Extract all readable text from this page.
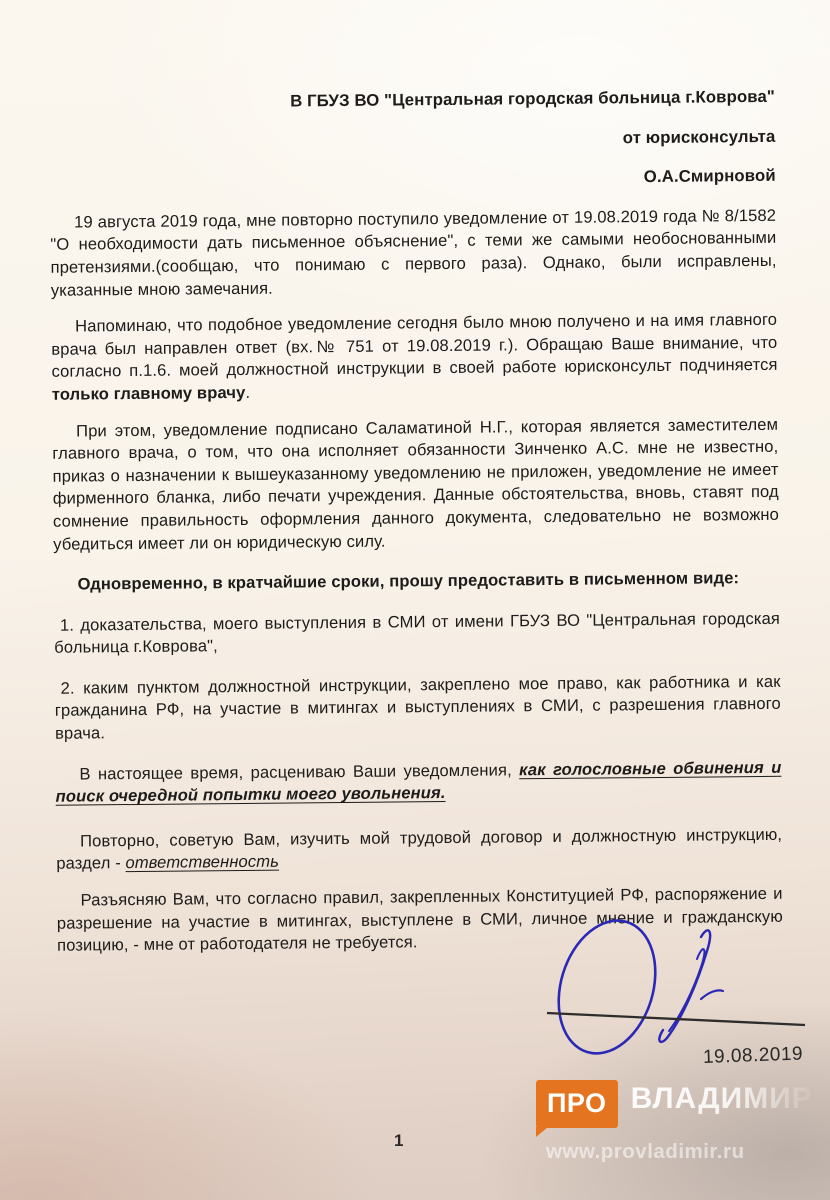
В ГБУЗ ВО "Центральная городская больница г.Коврова"
от юрисконсульта
О.А.Смирновой

19 августа 2019 года, мне повторно поступило уведомление от 19.08.2019 года № 8/1582 "О необходимости дать письменное объяснение", с теми же самыми необоснованными претензиями.(сообщаю, что понимаю с первого раза). Однако, были исправлены, указанные мною замечания.

Напоминаю, что подобное уведомление сегодня было мною получено и на имя главного врача был направлен ответ (вх.№ 751 от 19.08.2019 г.). Обращаю Ваше внимание, что согласно п.1.6. моей должностной инструкции в своей работе юрисконсульт подчиняется только главному врачу.

При этом, уведомление подписано Саламатиной Н.Г., которая является заместителем главного врача, о том, что она исполняет обязанности Зинченко А.С. мне не известно, приказ о назначении к вышеуказанному уведомлению не приложен, уведомление не имеет фирменного бланка, либо печати учреждения. Данные обстоятельства, вновь, ставят под сомнение правильность оформления данного документа, следовательно не возможно убедиться имеет ли он юридическую силу.

Одновременно, в кратчайшие сроки, прошу предоставить в письменном виде:

1. доказательства, моего выступления в СМИ от имени ГБУЗ ВО "Центральная городская больница г.Коврова",

2. каким пунктом должностной инструкции, закреплено мое право, как работника и как гражданина РФ, на участие в митингах и выступлениях в СМИ, с разрешения главного врача.

В настоящее время, расцениваю Ваши уведомления, как голословные обвинения и поиск очередной попытки моего увольнения.

Повторно, советую Вам, изучить мой трудовой договор и должностную инструкцию, раздел - ответственность

Разъясняю Вам, что согласно правил, закрепленных Конституцией РФ, распоряжение и разрешение на участие в митингах, выступлене в СМИ, личное мнение и гражданскую позицию, - мне от работодателя не требуется.

19.08.2019
ПРО ВЛАДИМИР
www.provladimir.ru
1
